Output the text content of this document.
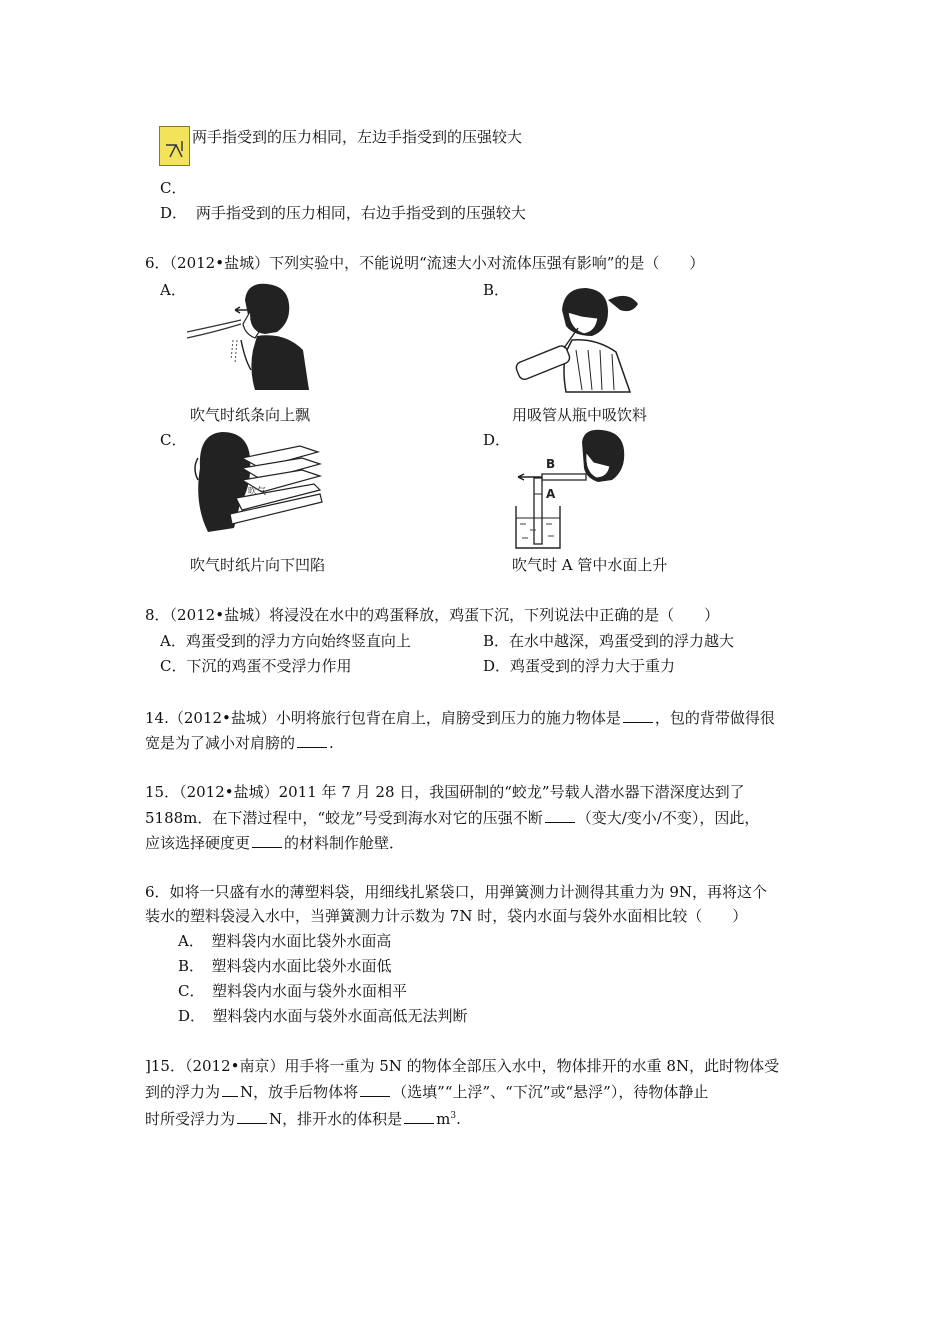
两手指受到的压力相同，左边手指受到的压强较大
C．
D． 两手指受到的压力相同，右边手指受到的压强较大
6．（2012•盐城）下列实验中，不能说明“流速大小对流体压强有影响”的是（　　）
A．
吹气时纸条向上飘
B．
用吸管从瓶中吸饮料
C．
吹气
吹气时纸片向下凹陷
D．
B
A
吹气时 A 管中水面上升
8．（2012•盐城）将浸没在水中的鸡蛋释放，鸡蛋下沉，下列说法中正确的是（　　）
A．鸡蛋受到的浮力方向始终竖直向上	B．在水中越深，鸡蛋受到的浮力越大
C．下沉的鸡蛋不受浮力作用	D．鸡蛋受到的浮力大于重力
14.（2012•盐城）小明将旅行包背在肩上，肩膀受到压力的施力物体是 ，包的背带做得很
宽是为了减小对肩膀的 .
15．（2012•盐城）2011 年 7 月 28 日，我国研制的“蛟龙”号载人潜水器下潜深度达到了
5188m．在下潜过程中，“蛟龙”号受到海水对它的压强不断 （变大/变小/不变），因此，
应该选择硬度更 的材料制作舱壁．
6．如将一只盛有水的薄塑料袋，用细线扎紧袋口，用弹簧测力计测得其重力为 9N，再将这个
装水的塑料袋浸入水中，当弹簧测力计示数为 7N 时，袋内水面与袋外水面相比较（　　）
A．　塑料袋内水面比袋外水面高
B．　塑料袋内水面比袋外水面低
C．　塑料袋内水面与袋外水面相平
D．　塑料袋内水面与袋外水面高低无法判断
]15．（2012•南京）用手将一重为 5N 的物体全部压入水中，物体排开的水重 8N，此时物体受
到的浮力为 N，放手后物体将 （选填”“上浮”、“下沉”或“悬浮”），待物体静止
时所受浮力为 N，排开水的体积是 $m^3$.
